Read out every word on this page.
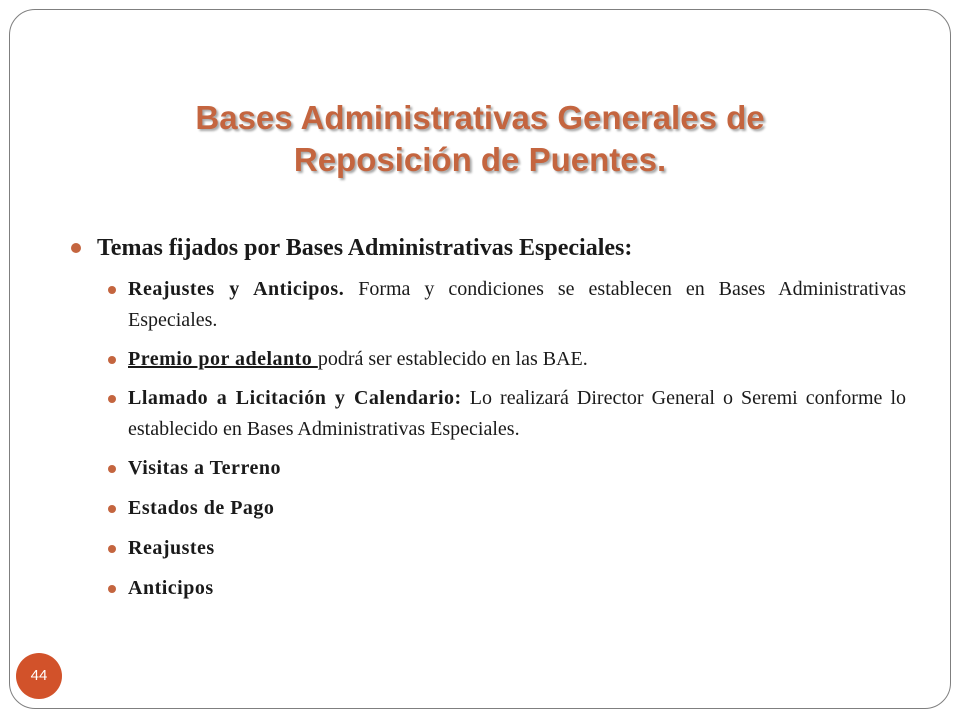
Bases Administrativas Generales de
Reposición de Puentes.
Temas fijados por Bases Administrativas Especiales:
Reajustes y Anticipos. Forma y condiciones se establecen en Bases Administrativas Especiales.
Premio por adelanto podrá ser establecido en las BAE.
Llamado a Licitación y Calendario: Lo realizará Director General o Seremi conforme lo establecido en Bases Administrativas Especiales.
Visitas a Terreno
Estados de Pago
Reajustes
Anticipos
44
